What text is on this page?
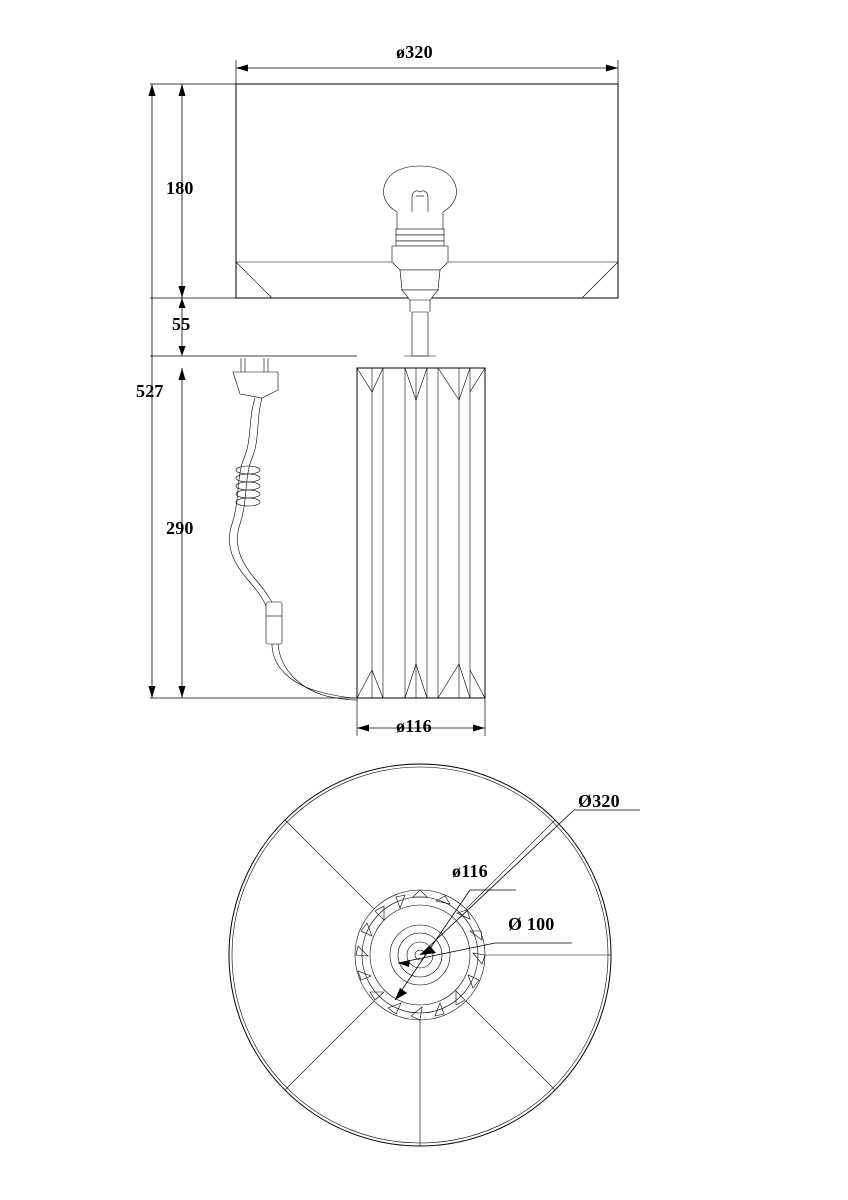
ø320
180
55
527
290
ø116
Ø320
ø116
Ø 100
